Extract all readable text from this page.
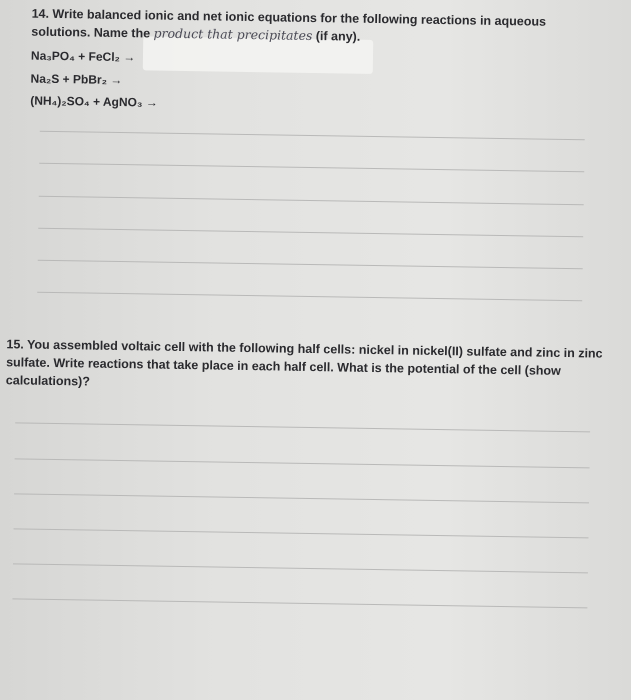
14. Write balanced ionic and net ionic equations for the following reactions in aqueous solutions. Name the product that precipitates (if any).
Na₃PO₄ + FeCl₂ →
Na₂S + PbBr₂ →
(NH₄)₂SO₄ + AgNO₃ →
15. You assembled voltaic cell with the following half cells: nickel in nickel(II) sulfate and zinc in zinc sulfate. Write reactions that take place in each half cell. What is the potential of the cell (show calculations)?
